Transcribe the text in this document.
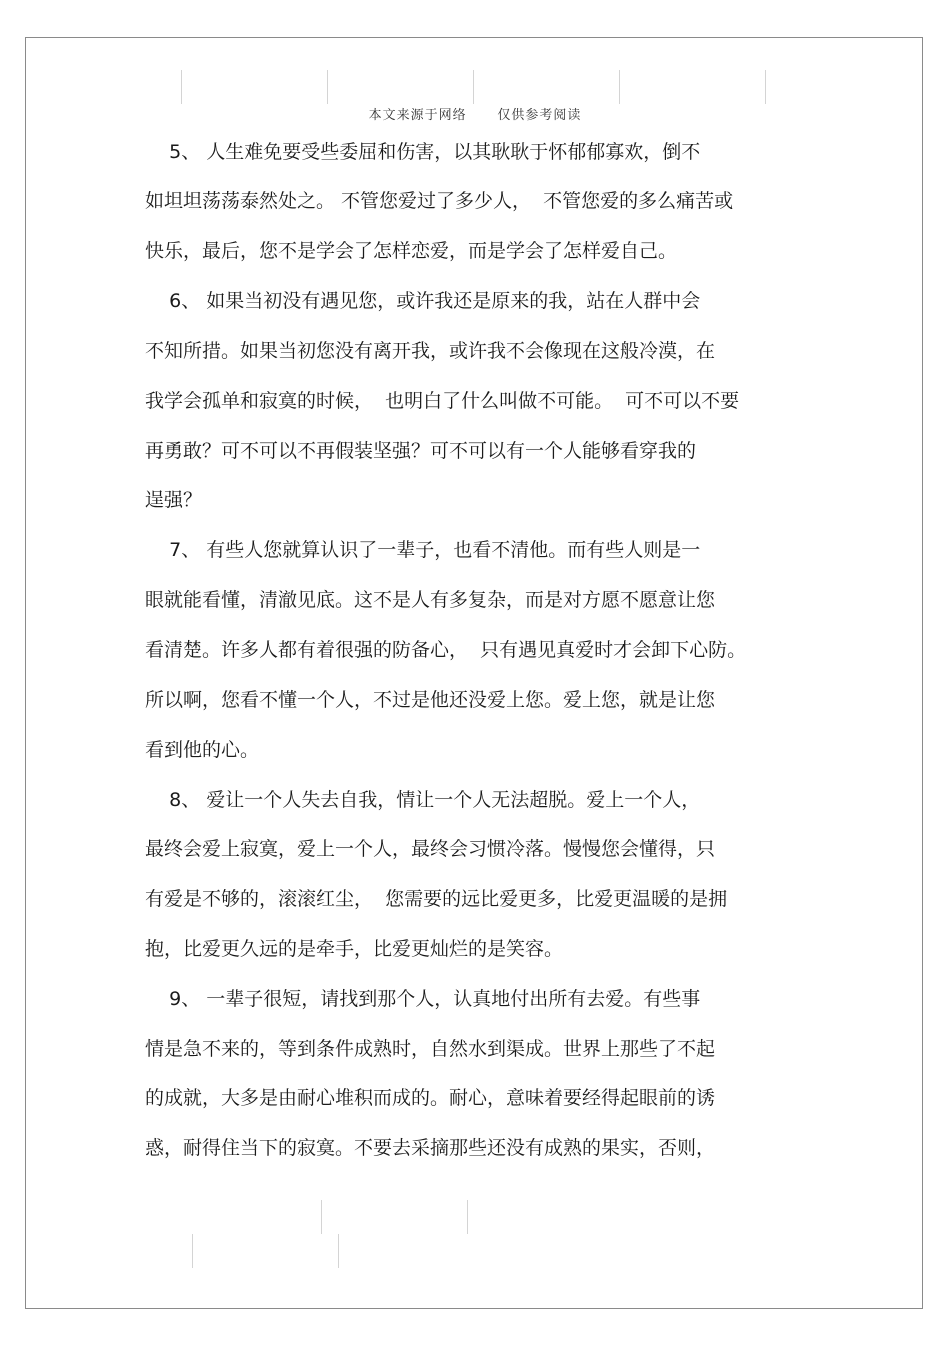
本文来源于网络      仅供参考阅读
5、 人生难免要受些委屈和伤害，以其耿耿于怀郁郁寡欢，倒不
如坦坦荡荡泰然处之。 不管您爱过了多少人，  不管您爱的多么痛苦或
快乐，最后，您不是学会了怎样恋爱，而是学会了怎样爱自己。
6、 如果当初没有遇见您，或许我还是原来的我，站在人群中会
不知所措。如果当初您没有离开我，或许我不会像现在这般冷漠，在
我学会孤单和寂寞的时候，  也明白了什么叫做不可能。  可不可以不要
再勇敢？可不可以不再假装坚强？可不可以有一个人能够看穿我的
逞强？
7、 有些人您就算认识了一辈子，也看不清他。而有些人则是一
眼就能看懂，清澈见底。这不是人有多复杂，而是对方愿不愿意让您
看清楚。许多人都有着很强的防备心，  只有遇见真爱时才会卸下心防。
所以啊，您看不懂一个人，不过是他还没爱上您。爱上您，就是让您
看到他的心。
8、 爱让一个人失去自我，情让一个人无法超脱。爱上一个人，
最终会爱上寂寞，爱上一个人，最终会习惯冷落。慢慢您会懂得，只
有爱是不够的，滚滚红尘，  您需要的远比爱更多，比爱更温暖的是拥
抱，比爱更久远的是牵手，比爱更灿烂的是笑容。
9、 一辈子很短，请找到那个人，认真地付出所有去爱。有些事
情是急不来的，等到条件成熟时，自然水到渠成。世界上那些了不起
的成就，大多是由耐心堆积而成的。耐心，意味着要经得起眼前的诱
惑，耐得住当下的寂寞。不要去采摘那些还没有成熟的果实，否则，
